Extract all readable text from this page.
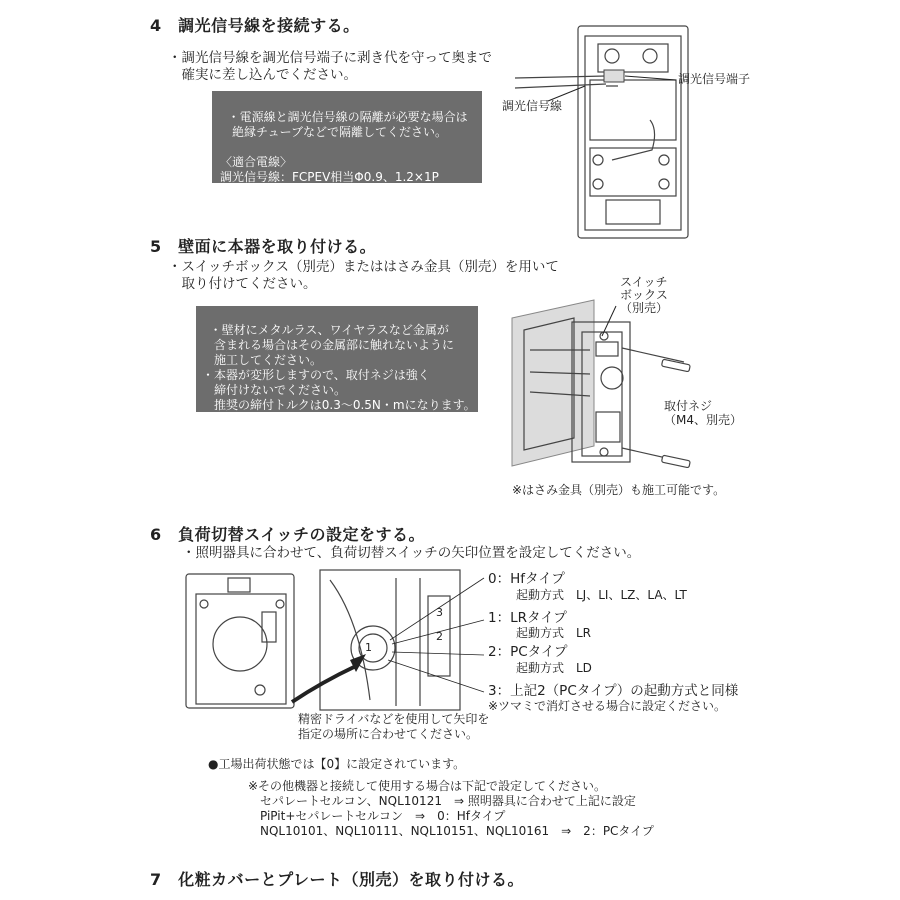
4　調光信号線を接続する。
・調光信号線を調光信号端子に剥き代を守って奥まで
　確実に差し込んでください。

・電源線と調光信号線の隔離が必要な場合は
　絶縁チューブなどで隔離してください。

〈適合電線〉
調光信号線：FCPEV相当Φ0.9、1.2×1P
　　　　　　（剥き代7～9mm）

調光信号端子
調光信号線
5　壁面に本器を取り付ける。
・スイッチボックス（別売）またははさみ金具（別売）を用いて
　取り付けてください。

・壁材にメタルラス、ワイヤラスなど金属が
　含まれる場合はその金属部に触れないように
　施工してください。
・本器が変形しますので、取付ネジは強く
　締付けないでください。
　推奨の締付トルクは0.3～0.5N・mになります。
・表示に合わせて正しい向きで取り付けてください。

スイッチ
ボックス
（別売）
取付ネジ
（M4、別売）
※はさみ金具（別売）も施工可能です。
6　負荷切替スイッチの設定をする。
・照明器具に合わせて、負荷切替スイッチの矢印位置を設定してください。
1
3
2
0：Hfタイプ
起動方式　LJ、LI、LZ、LA、LT
1：LRタイプ
起動方式　LR
2：PCタイプ
起動方式　LD
3：上記2（PCタイプ）の起動方式と同様
※ツマミで消灯させる場合に設定ください。
精密ドライバなどを使用して矢印を
指定の場所に合わせてください。
●工場出荷状態では【0】に設定されています。
※その他機器と接続して使用する場合は下記で設定してください。
　セパレートセルコン、NQL10121　⇒ 照明器具に合わせて上記に設定
　PiPit+セパレートセルコン　⇒　0：Hfタイプ
　NQL10101、NQL10111、NQL10151、NQL10161　⇒　2：PCタイプ
7　化粧カバーとプレート（別売）を取り付ける。
